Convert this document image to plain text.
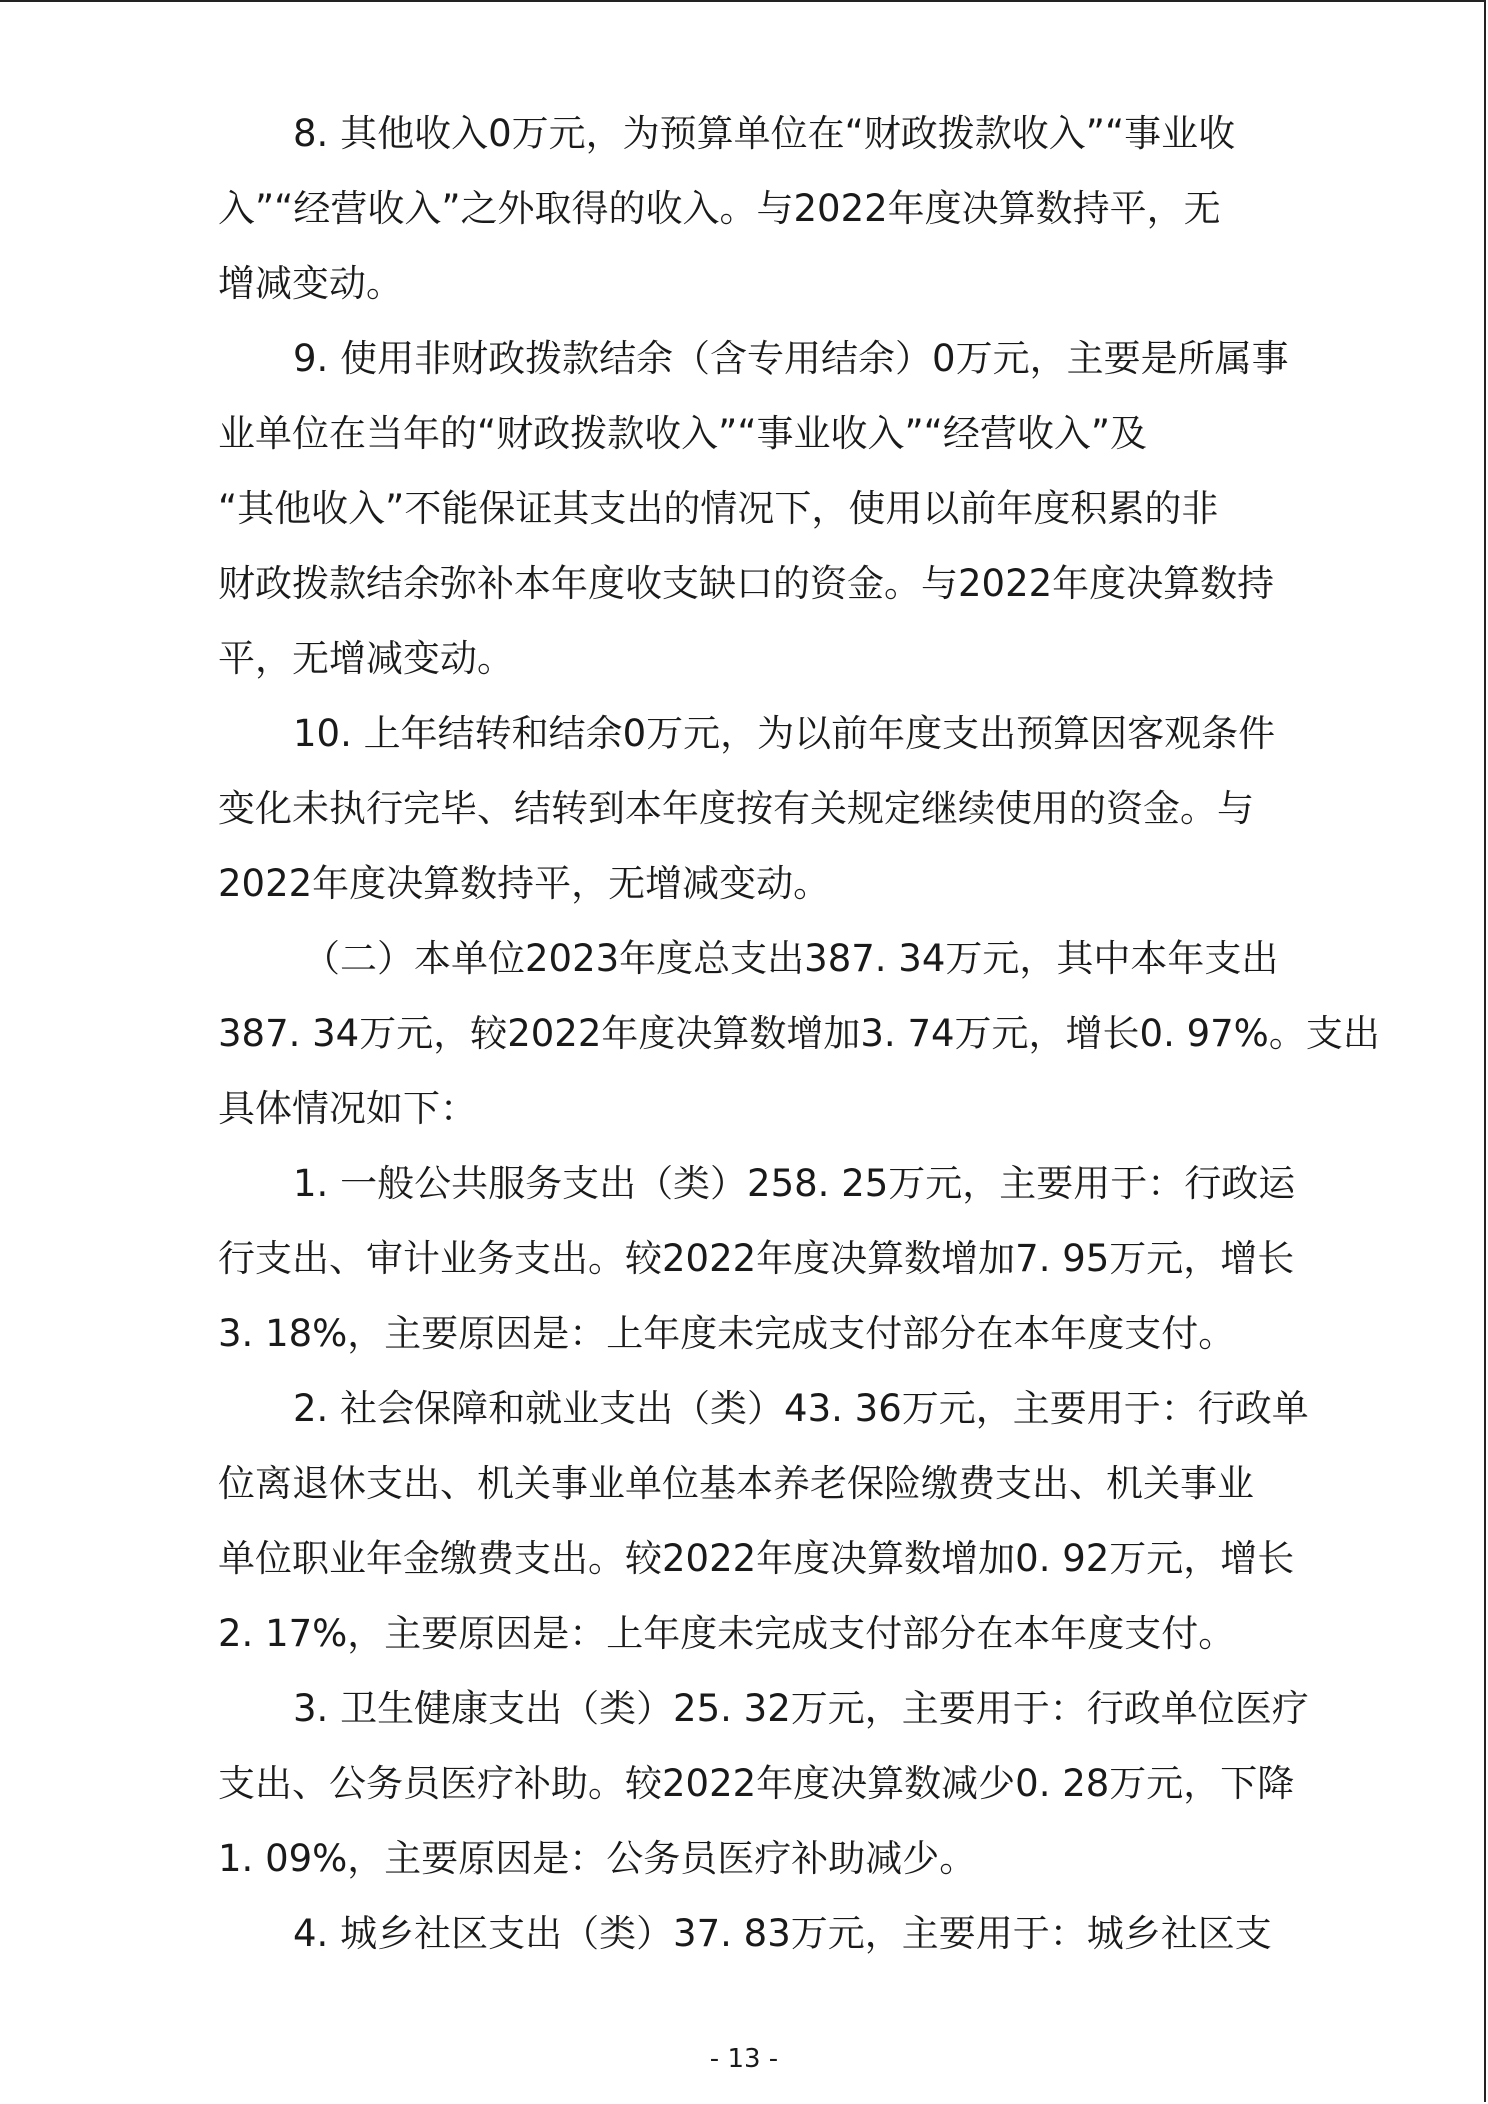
8. 其他收入0万元，为预算单位在“财政拨款收入”“事业收
入”“经营收入”之外取得的收入。与2022年度决算数持平，无
增减变动。
9. 使用非财政拨款结余（含专用结余）0万元，主要是所属事
业单位在当年的“财政拨款收入”“事业收入”“经营收入”及
“其他收入”不能保证其支出的情况下，使用以前年度积累的非
财政拨款结余弥补本年度收支缺口的资金。与2022年度决算数持
平，无增减变动。
10. 上年结转和结余0万元，为以前年度支出预算因客观条件
变化未执行完毕、结转到本年度按有关规定继续使用的资金。与
2022年度决算数持平，无增减变动。
（二）本单位2023年度总支出387. 34万元，其中本年支出
387. 34万元，较2022年度决算数增加3. 74万元，增长0. 97%。支出
具体情况如下：
1. 一般公共服务支出（类）258. 25万元，主要用于：行政运
行支出、审计业务支出。较2022年度决算数增加7. 95万元，增长
3. 18%，主要原因是：上年度未完成支付部分在本年度支付。
2. 社会保障和就业支出（类）43. 36万元，主要用于：行政单
位离退休支出、机关事业单位基本养老保险缴费支出、机关事业
单位职业年金缴费支出。较2022年度决算数增加0. 92万元，增长
2. 17%，主要原因是：上年度未完成支付部分在本年度支付。
3. 卫生健康支出（类）25. 32万元，主要用于：行政单位医疗
支出、公务员医疗补助。较2022年度决算数减少0. 28万元，下降
1. 09%，主要原因是：公务员医疗补助减少。
4. 城乡社区支出（类）37. 83万元，主要用于：城乡社区支
- 13 -
